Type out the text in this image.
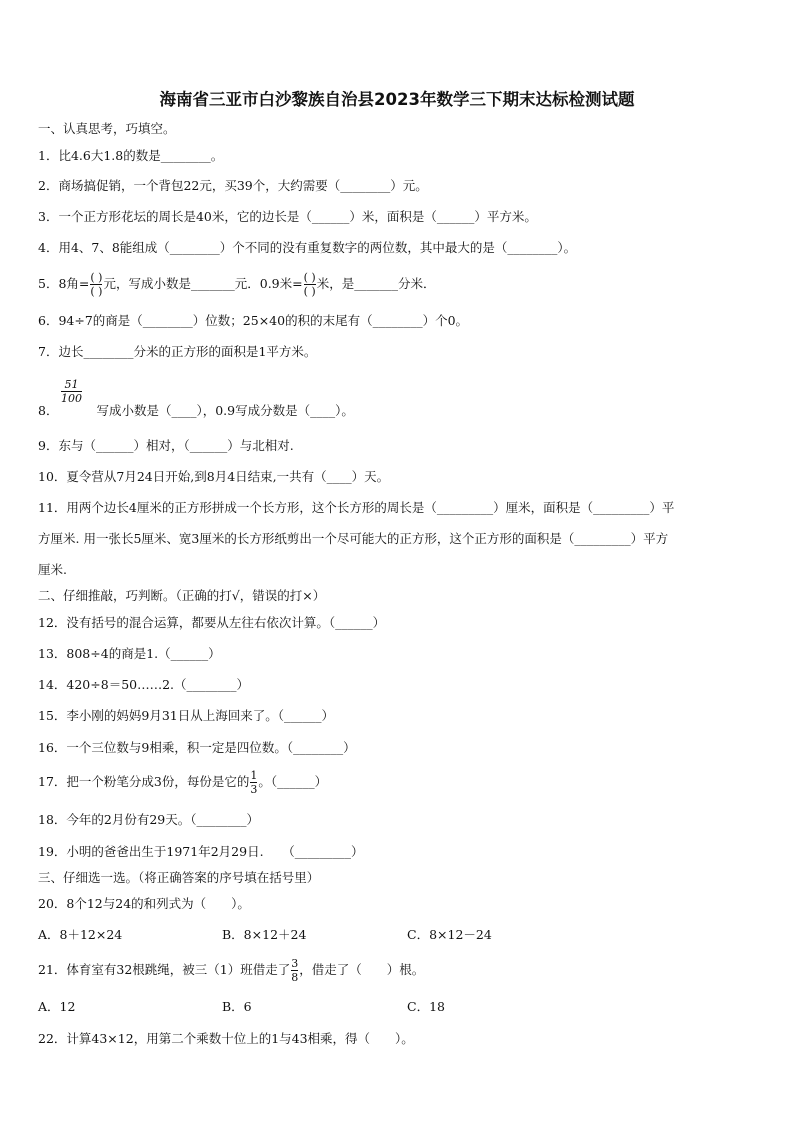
海南省三亚市白沙黎族自治县2023年数学三下期末达标检测试题
一、认真思考，巧填空。
1．比4.6大1.8的数是________。
2．商场搞促销，一个背包22元，买39个，大约需要（________）元。
3．一个正方形花坛的周长是40米，它的边长是（______）米，面积是（______）平方米。
4．用4、7、8能组成（________）个不同的没有重复数字的两位数，其中最大的是（________）。
5．8角= $\frac{( )}{( )}$ 元，写成小数是_______元．0.9米= $\frac{( )}{( )}$ 米，是_______分米．
6．94÷7的商是（________）位数；25×40的积的末尾有（________）个0。
7．边长________分米的正方形的面积是1平方米。
$\frac{51}{100}$
8．	写成小数是（____），0.9写成分数是（____）。
9．东与（______）相对，（______）与北相对.
10．夏令营从7月24日开始,到8月4日结束,一共有（____）天。
11．用两个边长4厘米的正方形拼成一个长方形，这个长方形的周长是（_________）厘米，面积是（_________）平
方厘米. 用一张长5厘米、宽3厘米的长方形纸剪出一个尽可能大的正方形，这个正方形的面积是（_________）平方
厘米.
二、仔细推敲，巧判断。（正确的打√，错误的打×）
12．没有括号的混合运算，都要从左往右依次计算。（______）
13．808÷4的商是1.（______）
14．420÷8＝50……2.（________）
15．李小刚的妈妈9月31日从上海回来了。（______）
16．一个三位数与9相乘，积一定是四位数。（________）
17．把一个粉笔分成3份，每份是它的 $\frac{1}{3}$ 。（______）
18．今年的2月份有29天。（________）
19．小明的爸爸出生于1971年2月29日.　　（_________）
三、仔细选一选。（将正确答案的序号填在括号里）
20．8个12与24的和列式为（　　）。
A．8＋12×24	B．8×12＋24	C．8×12－24
21．体育室有32根跳绳，被三（1）班借走了 $\frac{3}{8}$ ，借走了（　　）根。
A．12	B．6	C．18
22．计算43×12，用第二个乘数十位上的1与43相乘，得（　　）。
